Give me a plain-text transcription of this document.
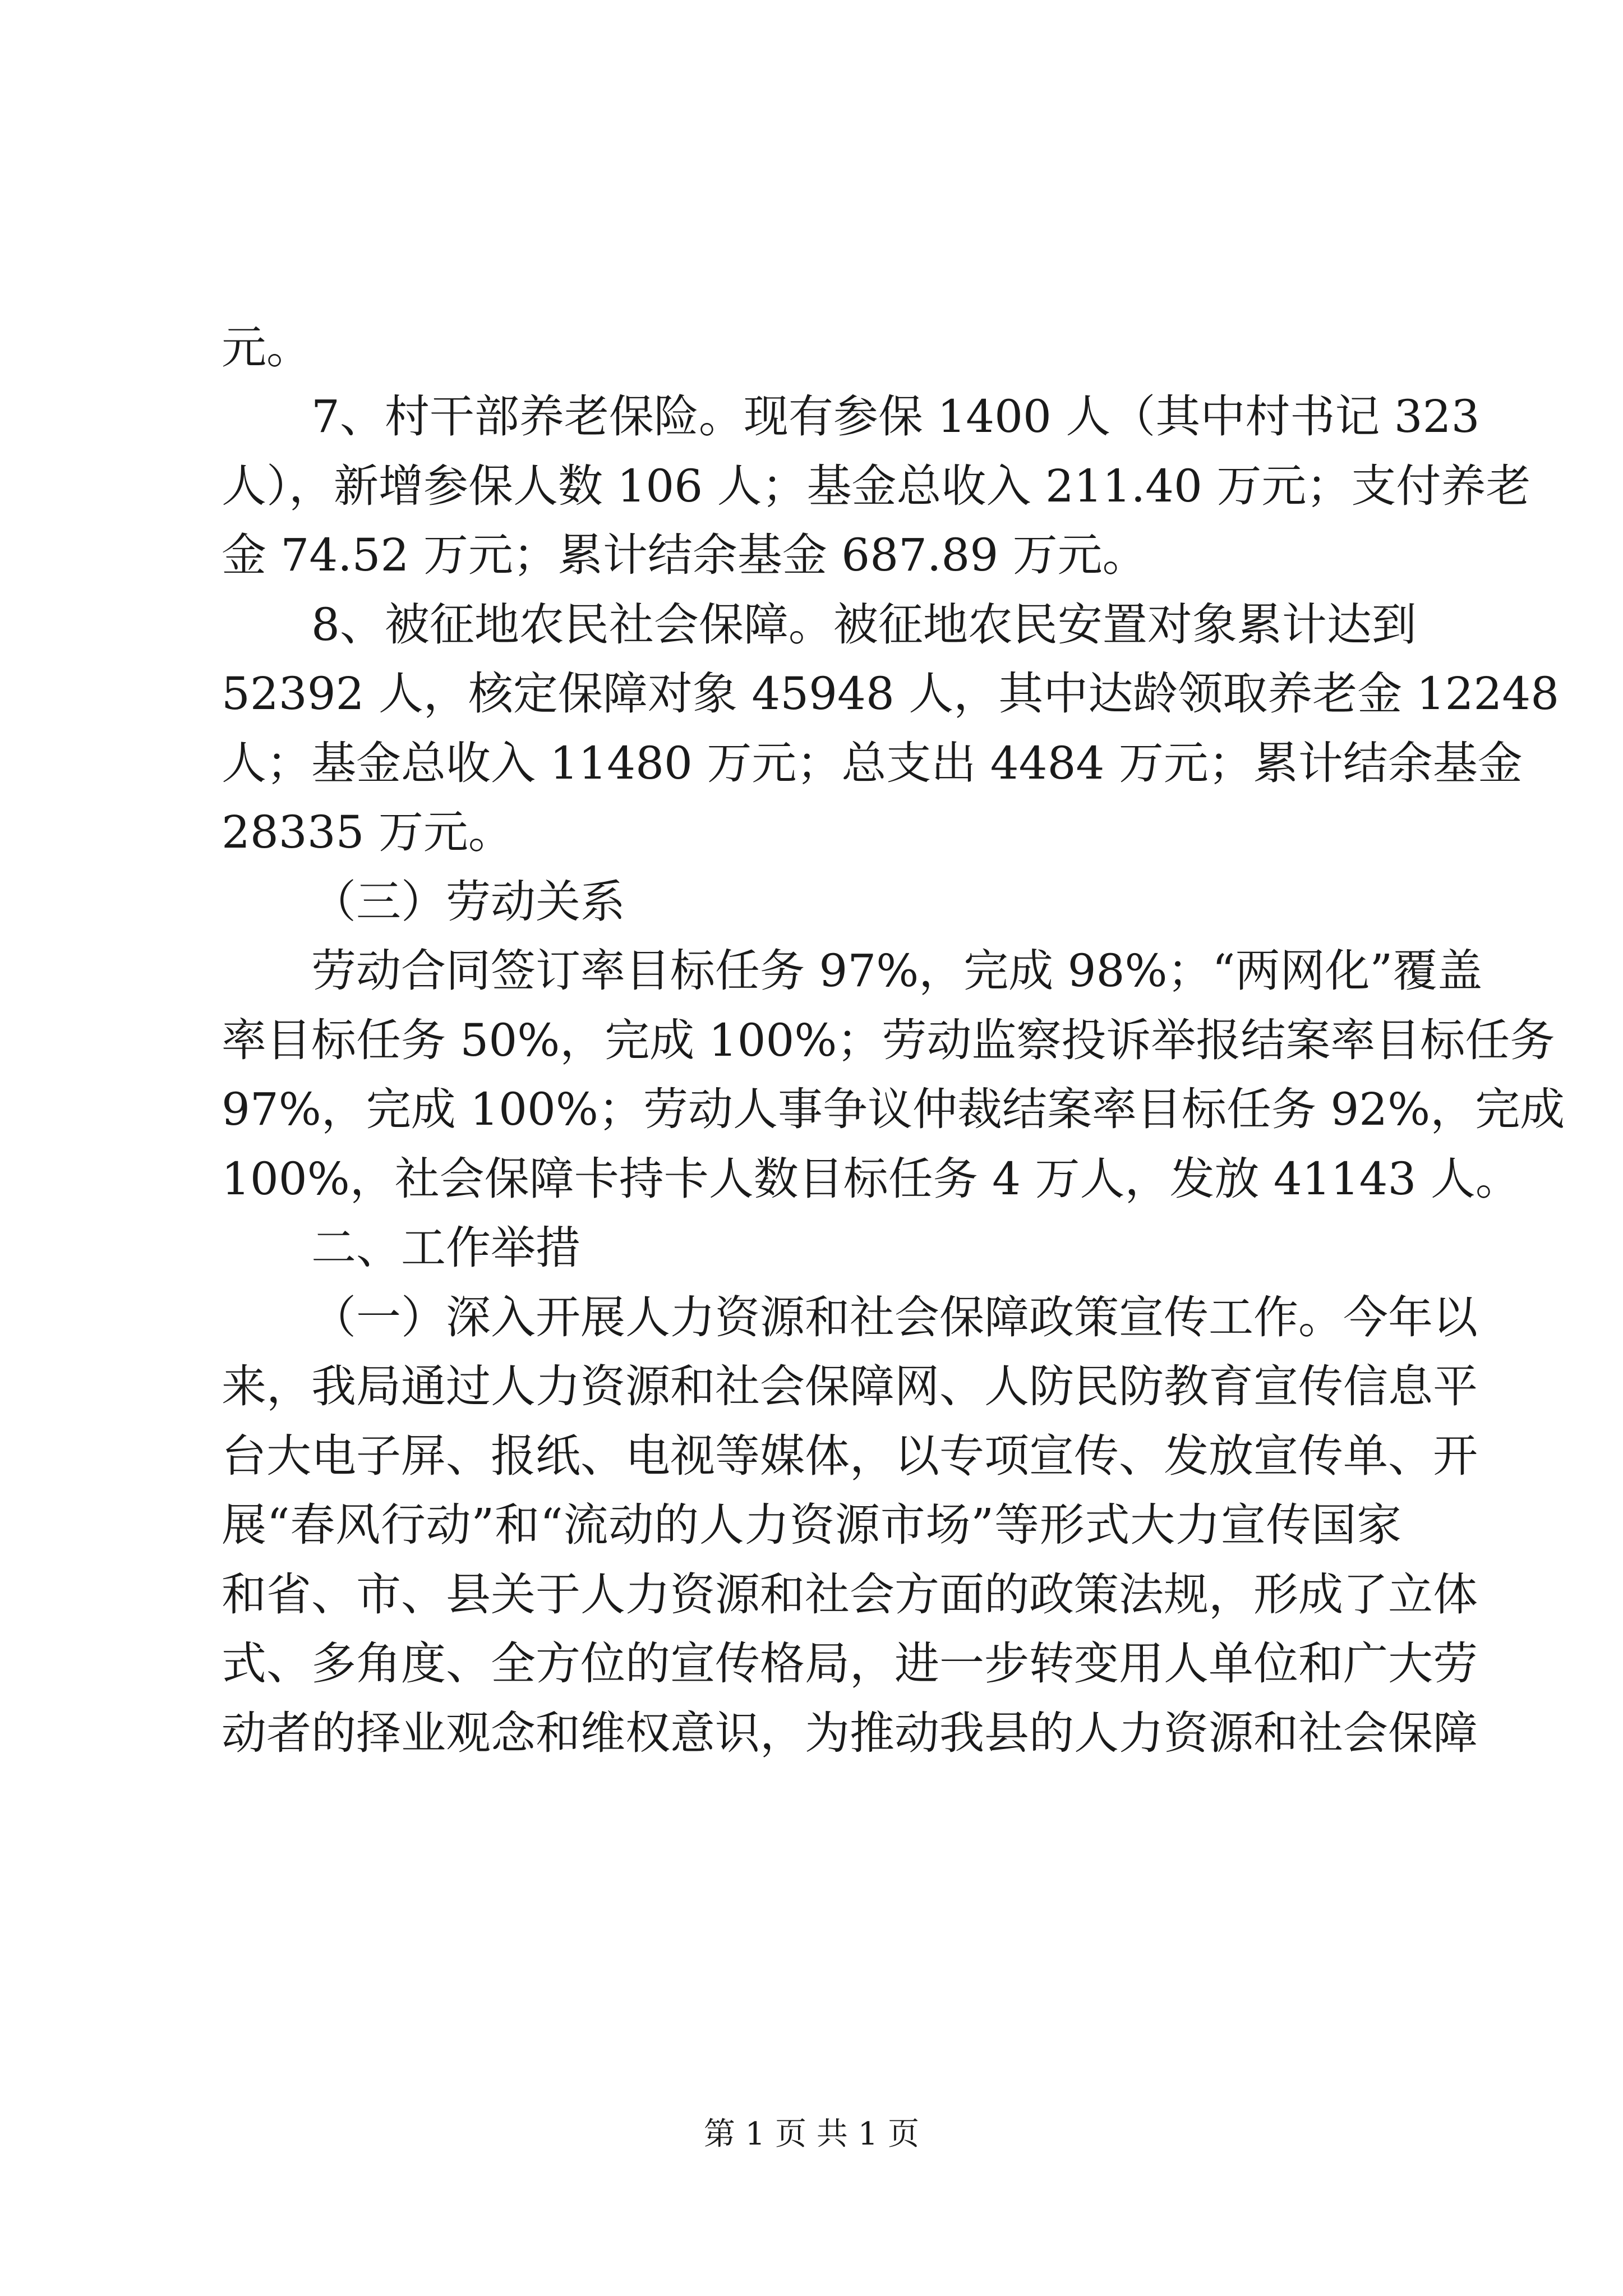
元。
7、村干部养老保险。现有参保 1400 人（其中村书记 323
人），新增参保人数 106 人；基金总收入 211.40 万元；支付养老
金 74.52 万元；累计结余基金 687.89 万元。
8、被征地农民社会保障。被征地农民安置对象累计达到
52392 人，核定保障对象 45948 人，其中达龄领取养老金 12248
人；基金总收入 11480 万元；总支出 4484 万元；累计结余基金
28335 万元。
（三）劳动关系
劳动合同签订率目标任务 97%，完成 98%；“两网化”覆盖
率目标任务 50%，完成 100%；劳动监察投诉举报结案率目标任务
97%，完成 100%；劳动人事争议仲裁结案率目标任务 92%，完成
100%，社会保障卡持卡人数目标任务 4 万人，发放 41143 人。
二、工作举措
（一）深入开展人力资源和社会保障政策宣传工作。今年以
来，我局通过人力资源和社会保障网、人防民防教育宣传信息平
台大电子屏、报纸、电视等媒体，以专项宣传、发放宣传单、开
展“春风行动”和“流动的人力资源市场”等形式大力宣传国家
和省、市、县关于人力资源和社会方面的政策法规，形成了立体
式、多角度、全方位的宣传格局，进一步转变用人单位和广大劳
动者的择业观念和维权意识，为推动我县的人力资源和社会保障
第 1 页 共 1 页
